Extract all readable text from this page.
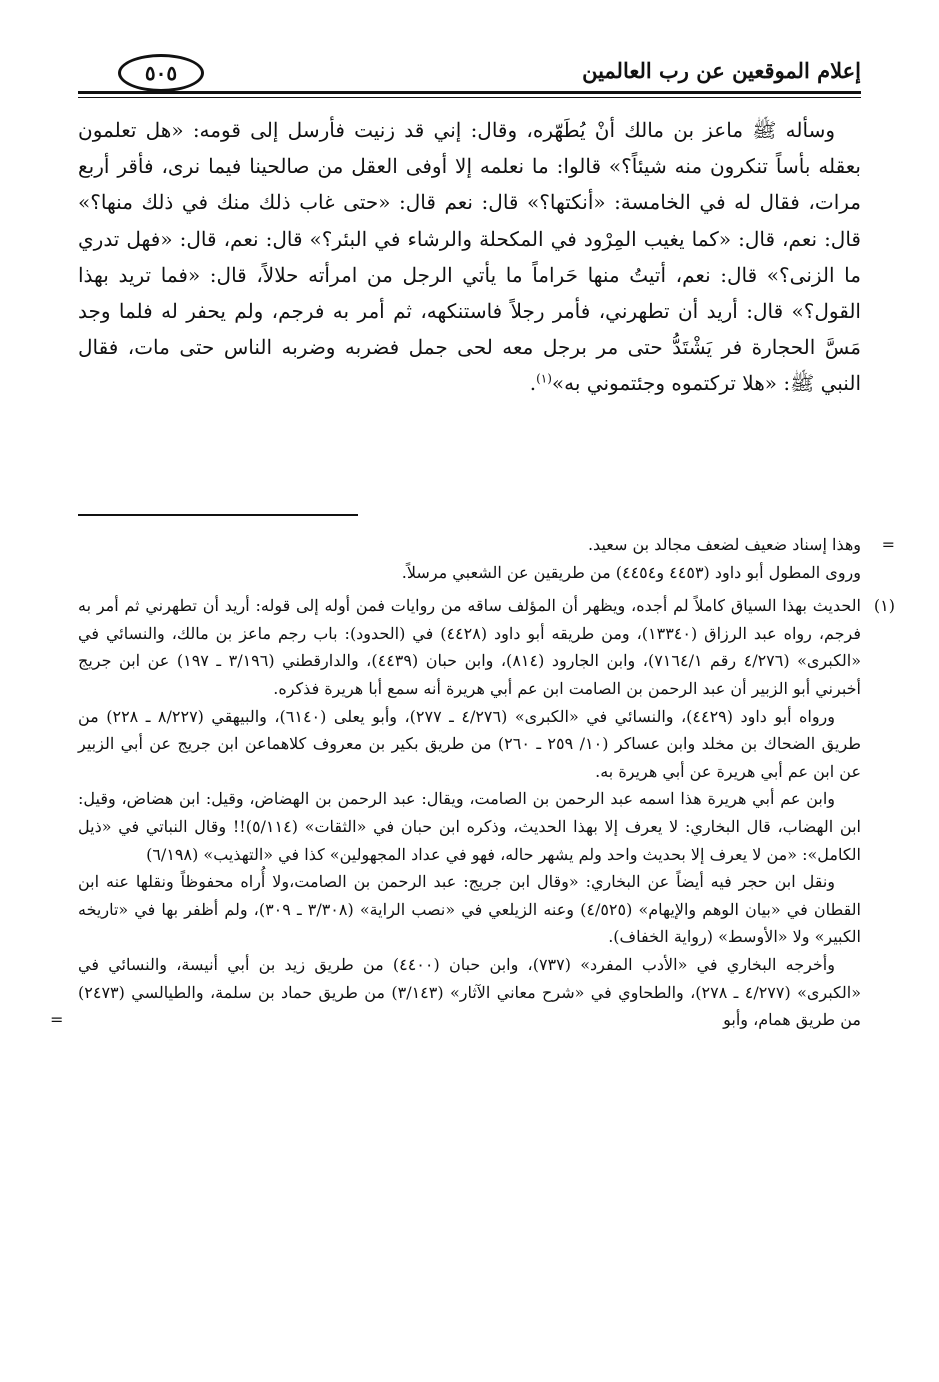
إعلام الموقعين عن رب العالمين
٥٠٥

وسأله ﷺ ماعز بن مالك أنْ يُطَهّره، وقال: إني قد زنيت فأرسل إلى قومه: «هل تعلمون بعقله بأساً تنكرون منه شيئاً؟» قالوا: ما نعلمه إلا أوفى العقل من صالحينا فيما نرى، فأقر أربع مرات، فقال له في الخامسة: «أنكتها؟» قال: نعم قال: «حتى غاب ذلك منك في ذلك منها؟» قال: نعم، قال: «كما يغيب المِرْود في المكحلة والرشاء في البئر؟» قال: نعم، قال: «فهل تدري ما الزنى؟» قال: نعم، أتيتُ منها حَراماً ما يأتي الرجل من امرأته حلالاً، قال: «فما تريد بهذا القول؟» قال: أريد أن تطهرني، فأمر رجلاً فاستنكهه، ثم أمر به فرجم، ولم يحفر له فلما وجد مَسَّ الحجارة فر يَشْتَدُّ حتى مر برجل معه لحى جمل فضربه وضربه الناس حتى مات، فقال النبي ﷺ: «هلا تركتموه وجئتموني به»$^{(١)}$.

=

وهذا إسناد ضعيف لضعف مجالد بن سعيد.

وروى المطول أبو داود (٤٤٥٣ و٤٤٥٤) من طريقين عن الشعبي مرسلاً.

(١)

الحديث بهذا السياق كاملاً لم أجده، ويظهر أن المؤلف ساقه من روايات فمن أوله إلى قوله: أريد أن تطهرني ثم أمر به فرجم، رواه عبد الرزاق (١٣٣٤٠)، ومن طريقه أبو داود (٤٤٢٨) في (الحدود): باب رجم ماعز بن مالك، والنسائي في «الكبرى» (٤/٢٧٦ رقم ٧١٦٤/١)، وابن الجارود (٨١٤)، وابن حبان (٤٤٣٩)، والدارقطني (٣/١٩٦ ـ ١٩٧) عن ابن جريج أخبرني أبو الزبير أن عبد الرحمن بن الصامت ابن عم أبي هريرة أنه سمع أبا هريرة فذكره.

ورواه أبو داود (٤٤٢٩)، والنسائي في «الكبرى» (٤/٢٧٦ ـ ٢٧٧)، وأبو يعلى (٦١٤٠)، والبيهقي (٨/٢٢٧ ـ ٢٢٨) من طريق الضحاك بن مخلد وابن عساكر (١٠/ ٢٥٩ ـ ٢٦٠) من طريق بكير بن معروف كلاهماعن ابن جريج عن أبي الزبير عن ابن عم أبي هريرة عن أبي هريرة به.

وابن عم أبي هريرة هذا اسمه عبد الرحمن بن الصامت، ويقال: عبد الرحمن بن الهضاض، وقيل: ابن هضاض، وقيل: ابن الهضاب، قال البخاري: لا يعرف إلا بهذا الحديث، وذكره ابن حبان في «الثقات» (٥/١١٤)!! وقال النباتي في «ذيل الكامل»: «من لا يعرف إلا بحديث واحد ولم يشهر حاله، فهو في عداد المجهولين» كذا في «التهذيب» (٦/١٩٨)

ونقل ابن حجر فيه أيضاً عن البخاري: «وقال ابن جريج: عبد الرحمن بن الصامت،ولا أُراه محفوظاً ونقلها عنه ابن القطان في «بيان الوهم والإيهام» (٤/٥٢٥) وعنه الزيلعي في «نصب الراية» (٣/٣٠٨ ـ ٣٠٩)، ولم أظفر بها في «تاريخه الكبير» ولا «الأوسط» (رواية الخفاف).

وأخرجه البخاري في «الأدب المفرد» (٧٣٧)، وابن حبان (٤٤٠٠) من طريق زيد بن أبي أنيسة، والنسائي في «الكبرى» (٤/٢٧٧ ـ ٢٧٨)، والطحاوي في «شرح معاني الآثار» (٣/١٤٣) من طريق حماد بن سلمة، والطيالسي (٢٤٧٣) من طريق همام، وأبو

=
